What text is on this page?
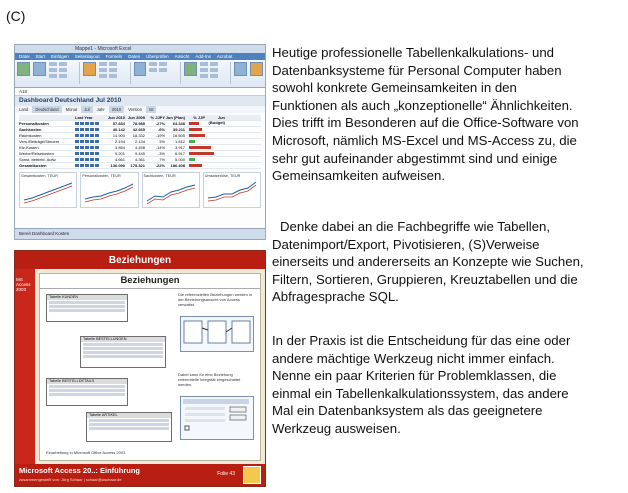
(C)
Mappe1 - Microsoft Excel
Datei Start Einfügen Seitenlayout Formeln Daten Überprüfen Ansicht Add-Ins Acrobat
A18
Dashboard Deutschland Jul 2010
Land	Deutschland	Monat	Jul	Jahr	2010	Version	Ist
Last Year	Jun 2010 Jun 2009	% JJPY Jun (Plan)	% JJP	Jun (Budget)
Personalkosten	57.834	78.985	-27%	64.348
Sachkosten	40.142	42.665	-6%	39.211
Raumkosten	14.900	18.332	-19%	16.505
Vers./Beiträge/Steuern	2.194	2.134	3%	1.812
Kfz-Kosten	3.854	4.498	-14%	3.917
Werbe/Reisekosten	9.201	9.445	-3%	6.917
Sonst. betriebl. Aufw.	4.661	4.361	7%	5.000
Gesamtkosten	136.090	175.321	-22%	186.408
Gesamtkosten, TEUR	Personalkosten, TEUR	Sachkosten, TEUR	Umsatzerlöse, TEUR
Bereit Dashboard Kosten
Beziehungen
MS Access 2003
Beziehungen
Tabelle KUNDEN
Tabelle BESTELLUNGEN
Tabelle BESTELLDETAILS
Tabelle ARTIKEL
Die referenziellen Beziehungen werden in der Beziehungsansicht von Access verwaltet.
Dabei kann für eine Beziehung referentielle Integrität eingeschaltet werden.
Einarbeitung in Microsoft Office Access 2003
Microsoft Access 20..: Einführung
zusammengestellt von: Jörg Schaar | schaar@uschaar.de
Folie 43

Heutige professionelle Tabellenkalkulations- und
Datenbanksysteme für Personal Computer haben
sowohl konkrete Gemeinsamkeiten in den
Funktionen als auch „konzeptionelle“ Ähnlichkeiten.
Dies trifft im Besonderen auf die Office-Software von
Microsoft, nämlich MS-Excel und MS-Access zu, die
sehr gut aufeinander abgestimmt sind und einige
Gemeinsamkeiten aufweisen.

Denke dabei an die Fachbegriffe wie Tabellen,
Datenimport/Export, Pivotisieren, (S)Verweise
einerseits und andererseits an Konzepte wie Suchen,
Filtern, Sortieren, Gruppieren, Kreuztabellen und die
Abfragesprache SQL.

In der Praxis ist die Entscheidung für das eine oder
andere mächtige Werkzeug nicht immer einfach.
Nenne ein paar Kriterien für Problemklassen, die
einmal ein Tabellenkalkulationssystem, das andere
Mal ein Datenbanksystem als das geeignetere
Werkzeug ausweisen.
